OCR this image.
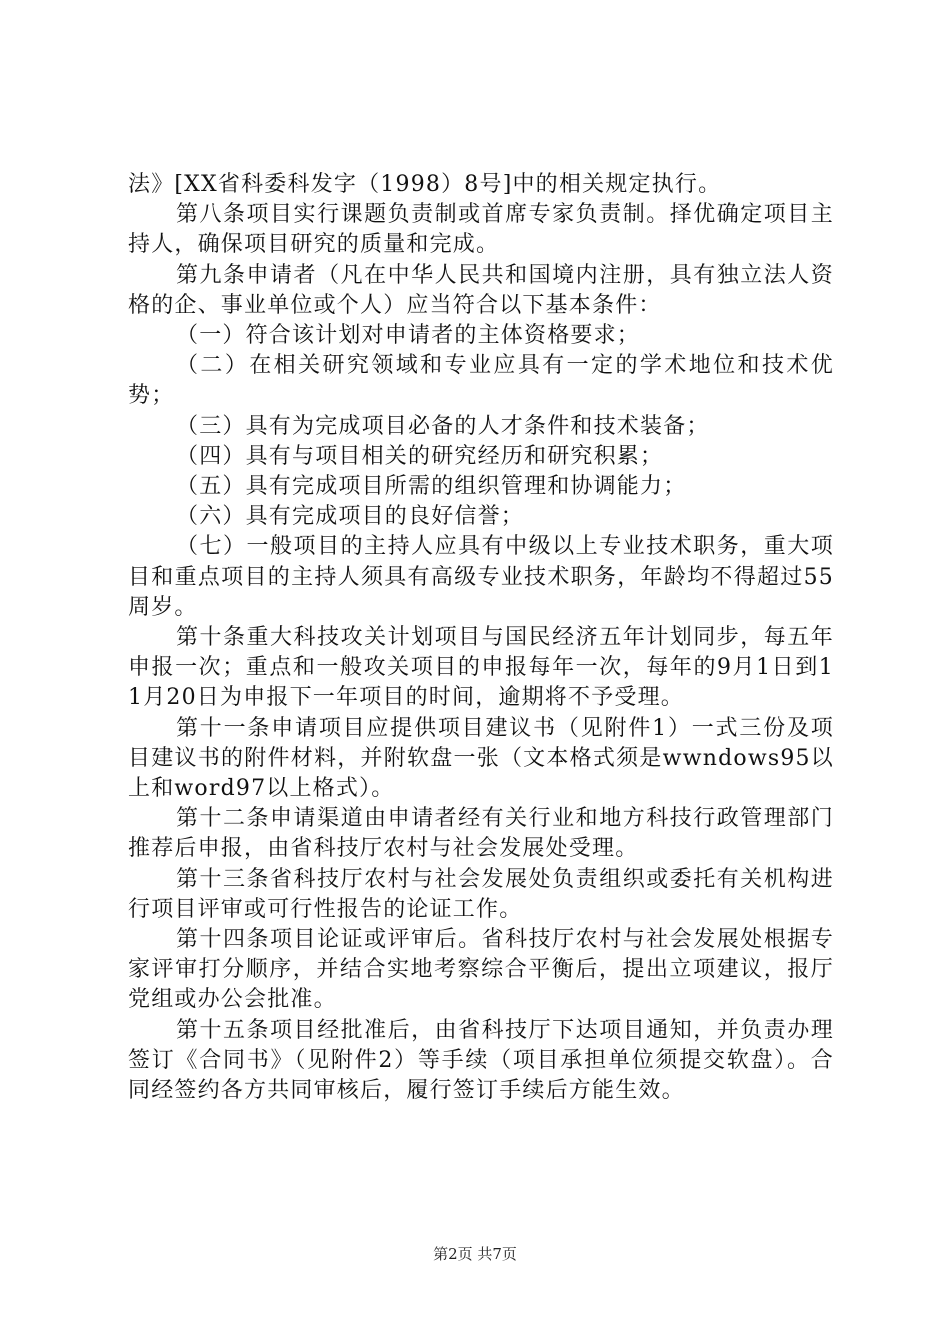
法》[XX省科委科发字（1998）8号]中的相关规定执行。

第八条项目实行课题负责制或首席专家负责制。择优确定项目主持人，确保项目研究的质量和完成。

第九条申请者（凡在中华人民共和国境内注册，具有独立法人资格的企、事业单位或个人）应当符合以下基本条件：

（一）符合该计划对申请者的主体资格要求；

（二）在相关研究领域和专业应具有一定的学术地位和技术优势；

（三）具有为完成项目必备的人才条件和技术装备；

（四）具有与项目相关的研究经历和研究积累；

（五）具有完成项目所需的组织管理和协调能力；

（六）具有完成项目的良好信誉；

（七）一般项目的主持人应具有中级以上专业技术职务，重大项目和重点项目的主持人须具有高级专业技术职务，年龄均不得超过55周岁。

第十条重大科技攻关计划项目与国民经济五年计划同步，每五年申报一次；重点和一般攻关项目的申报每年一次，每年的9月1日到11月20日为申报下一年项目的时间，逾期将不予受理。

第十一条申请项目应提供项目建议书（见附件1）一式三份及项目建议书的附件材料，并附软盘一张（文本格式须是wwndows95以上和word97以上格式）。

第十二条申请渠道由申请者经有关行业和地方科技行政管理部门推荐后申报，由省科技厅农村与社会发展处受理。

第十三条省科技厅农村与社会发展处负责组织或委托有关机构进行项目评审或可行性报告的论证工作。

第十四条项目论证或评审后。省科技厅农村与社会发展处根据专家评审打分顺序，并结合实地考察综合平衡后，提出立项建议，报厅党组或办公会批准。

第十五条项目经批准后，由省科技厅下达项目通知，并负责办理签订《合同书》（见附件2）等手续（项目承担单位须提交软盘）。合同经签约各方共同审核后，履行签订手续后方能生效。

第2页 共7页
